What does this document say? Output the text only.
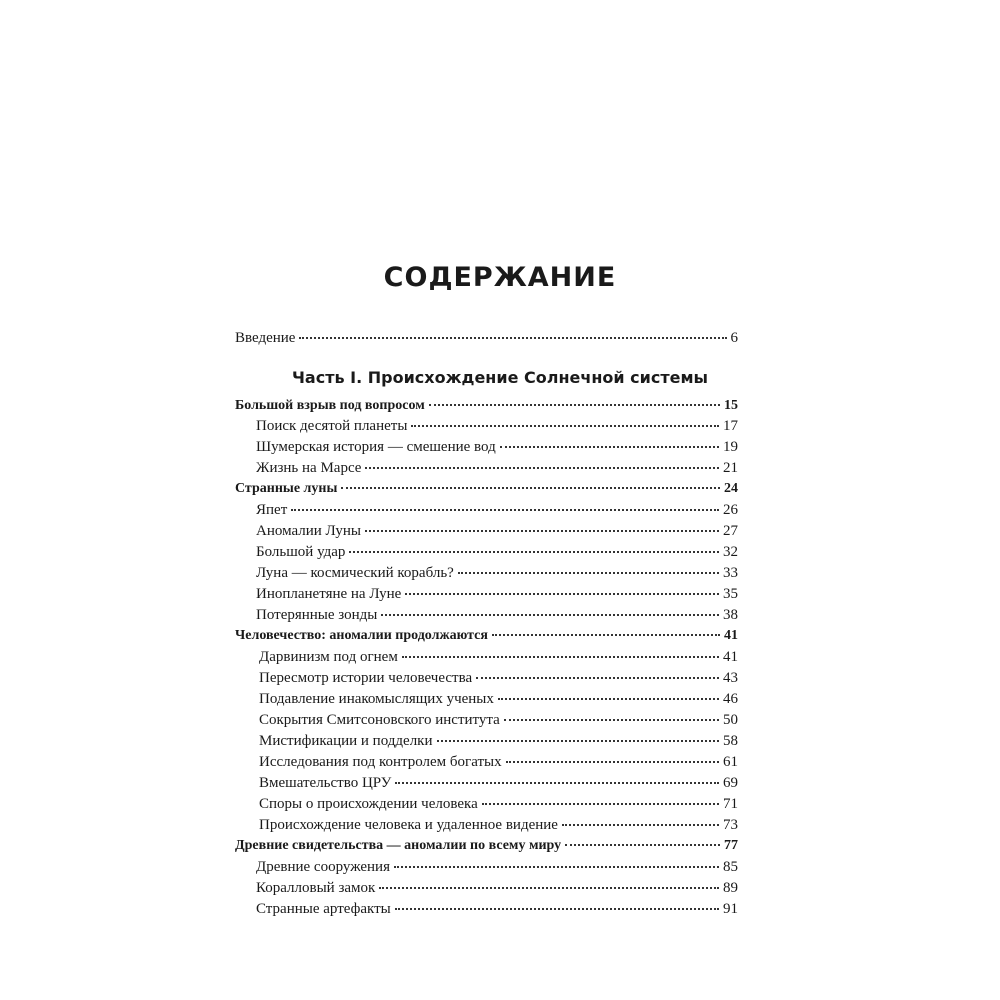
СОДЕРЖАНИЕ
Введение	6
Часть I. Происхождение Солнечной системы
Большой взрыв под вопросом	15
Поиск десятой планеты	17
Шумерская история — смешение вод	19
Жизнь на Марсе	21
Странные луны	24
Япет	26
Аномалии Луны	27
Большой удар	32
Луна — космический корабль?	33
Инопланетяне на Луне	35
Потерянные зонды	38
Человечество: аномалии продолжаются	41
Дарвинизм под огнем	41
Пересмотр истории человечества	43
Подавление инакомыслящих ученых	46
Сокрытия Смитсоновского института	50
Мистификации и подделки	58
Исследования под контролем богатых	61
Вмешательство ЦРУ	69
Споры о происхождении человека	71
Происхождение человека и удаленное видение	73
Древние свидетельства — аномалии по всему миру	77
Древние сооружения	85
Коралловый замок	89
Странные артефакты	91
